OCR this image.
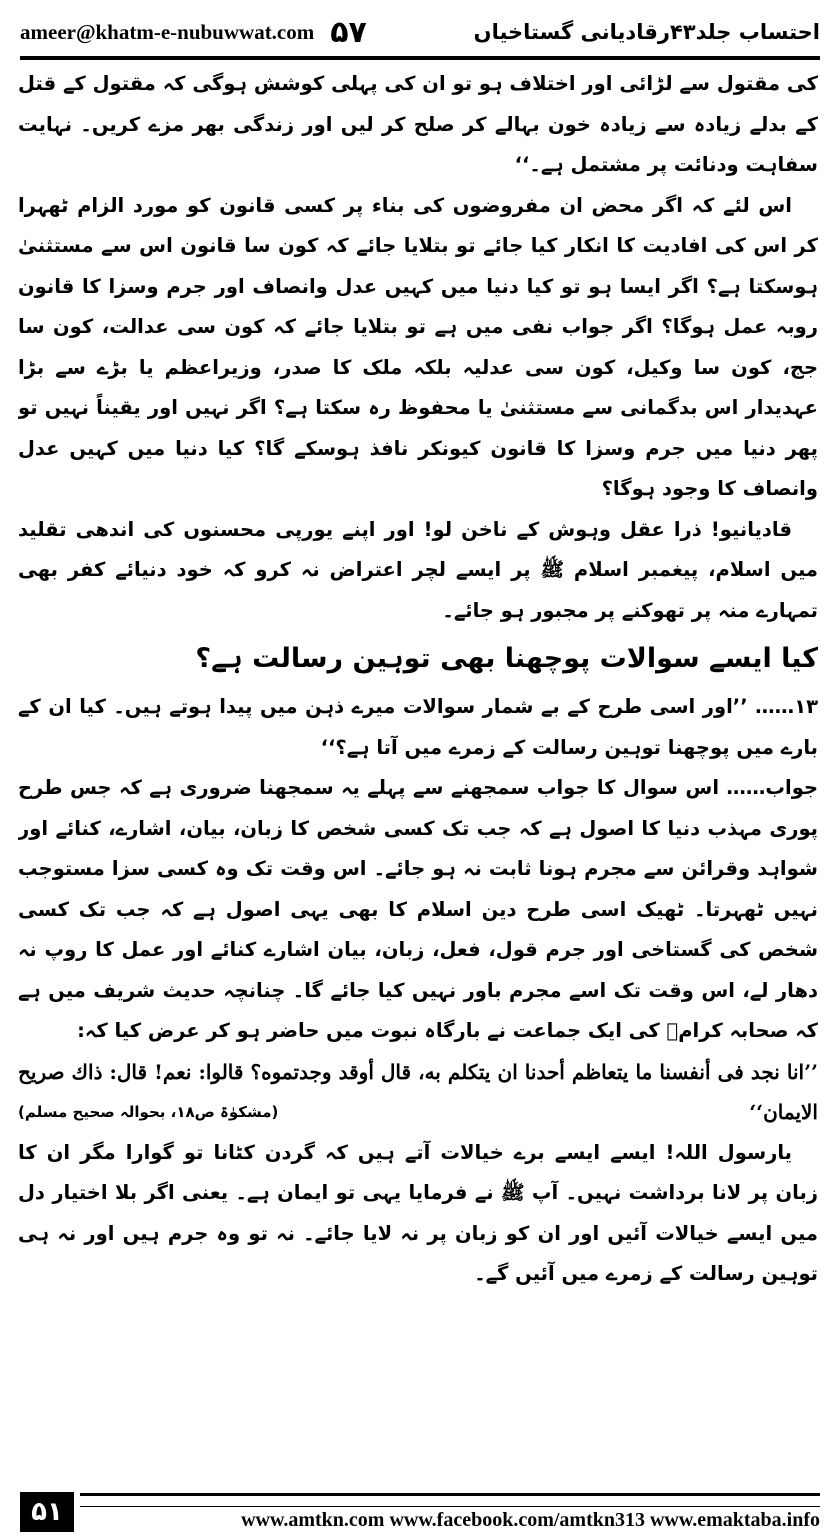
ameer@khatm-e-nubuwwat.com ۵۷	احتساب جلد۴۳رقادیانی گستاخیاں

کی مقتول سے لڑائی اور اختلاف ہو تو ان کی پہلی کوشش ہوگی کہ مقتول کے قتل کے بدلے زیادہ سے زیادہ خون بہالے کر صلح کر لیں اور زندگی بھر مزے کریں۔ نہایت سفاہت ودنائت پر مشتمل ہے۔‘‘

اس لئے کہ اگر محض ان مفروضوں کی بناء پر کسی قانون کو مورد الزام ٹھہرا کر اس کی افادیت کا انکار کیا جائے تو بتلایا جائے کہ کون سا قانون اس سے مستثنیٰ ہوسکتا ہے؟ اگر ایسا ہو تو کیا دنیا میں کہیں عدل وانصاف اور جرم وسزا کا قانون روبہ عمل ہوگا؟ اگر جواب نفی میں ہے تو بتلایا جائے کہ کون سی عدالت، کون سا جج، کون سا وکیل، کون سی عدلیہ بلکہ ملک کا صدر، وزیراعظم یا بڑے سے بڑا عہدیدار اس بدگمانی سے مستثنیٰ یا محفوظ رہ سکتا ہے؟ اگر نہیں اور یقیناً نہیں تو پھر دنیا میں جرم وسزا کا قانون کیونکر نافذ ہوسکے گا؟ کیا دنیا میں کہیں عدل وانصاف کا وجود ہوگا؟

قادیانیو! ذرا عقل وہوش کے ناخن لو! اور اپنے یورپی محسنوں کی اندھی تقلید میں اسلام، پیغمبر اسلام ﷺ پر ایسے لچر اعتراض نہ کرو کہ خود دنیائے کفر بھی تمہارے منہ پر تھوکنے پر مجبور ہو جائے۔

کیا ایسے سوالات پوچھنا بھی توہین رسالت ہے؟

۱۳…… ’’اور اسی طرح کے بے شمار سوالات میرے ذہن میں پیدا ہوتے ہیں۔ کیا ان کے بارے میں پوچھنا توہین رسالت کے زمرے میں آتا ہے؟‘‘

جواب…… اس سوال کا جواب سمجھنے سے پہلے یہ سمجھنا ضروری ہے کہ جس طرح پوری مہذب دنیا کا اصول ہے کہ جب تک کسی شخص کا زبان، بیان، اشارے، کنائے اور شواہد وقرائن سے مجرم ہونا ثابت نہ ہو جائے۔ اس وقت تک وہ کسی سزا مستوجب نہیں ٹھہرتا۔ ٹھیک اسی طرح دین اسلام کا بھی یہی اصول ہے کہ جب تک کسی شخص کی گستاخی اور جرم قول، فعل، زبان، بیان اشارے کنائے اور عمل کا روپ نہ دھار لے، اس وقت تک اسے مجرم باور نہیں کیا جائے گا۔ چنانچہ حدیث شریف میں ہے کہ صحابہ کرامؓ کی ایک جماعت نے بارگاہ نبوت میں حاضر ہو کر عرض کیا کہ:

’’انا نجد فی أنفسنا ما یتعاظم أحدنا ان یتکلم به، قال أوقد وجدتموه؟ قالوا: نعم! قال: ذاك صریح الایمان‘‘
(مشکوٰۃ ص۱۸، بحوالہ صحیح مسلم)

یارسول اللہ! ایسے ایسے برے خیالات آتے ہیں کہ گردن کٹانا تو گوارا مگر ان کا زبان پر لانا برداشت نہیں۔ آپ ﷺ نے فرمایا یہی تو ایمان ہے۔ یعنی اگر بلا اختیار دل میں ایسے خیالات آئیں اور ان کو زبان پر نہ لایا جائے۔ نہ تو وہ جرم ہیں اور نہ ہی توہین رسالت کے زمرے میں آئیں گے۔

۵۱	www.amtkn.com www.facebook.com/amtkn313 www.emaktaba.info
